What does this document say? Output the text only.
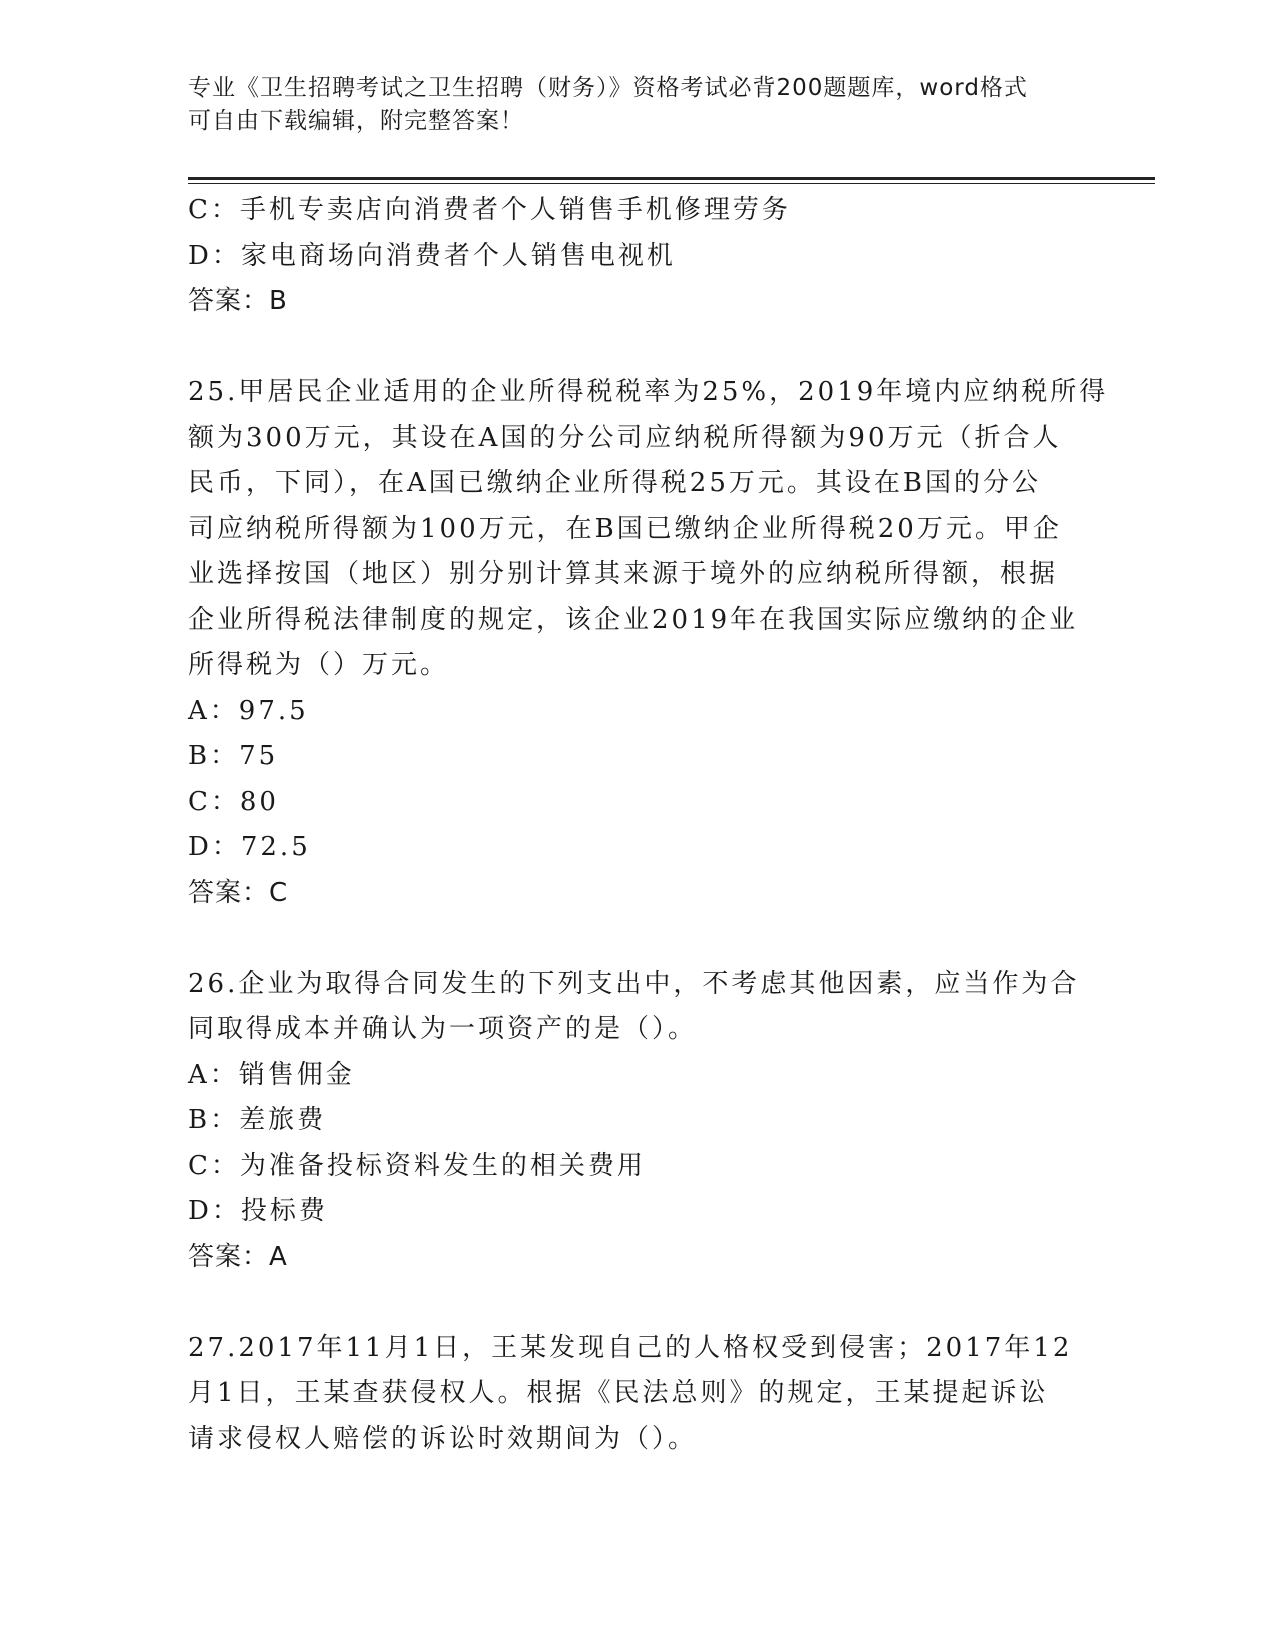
专业《卫生招聘考试之卫生招聘（财务）》资格考试必背200题题库，word格式
可自由下载编辑，附完整答案！
C：手机专卖店向消费者个人销售手机修理劳务
D：家电商场向消费者个人销售电视机
答案：B
25.甲居民企业适用的企业所得税税率为25%，2019年境内应纳税所得
额为300万元，其设在A国的分公司应纳税所得额为90万元（折合人
民币，下同），在A国已缴纳企业所得税25万元。其设在B国的分公
司应纳税所得额为100万元，在B国已缴纳企业所得税20万元。甲企
业选择按国（地区）别分别计算其来源于境外的应纳税所得额，根据
企业所得税法律制度的规定，该企业2019年在我国实际应缴纳的企业
所得税为（）万元。
A：97.5
B：75
C：80
D：72.5
答案：C
26.企业为取得合同发生的下列支出中，不考虑其他因素，应当作为合
同取得成本并确认为一项资产的是（）。
A：销售佣金
B：差旅费
C：为准备投标资料发生的相关费用
D：投标费
答案：A
27.2017年11月1日，王某发现自己的人格权受到侵害；2017年12
月1日，王某查获侵权人。根据《民法总则》的规定，王某提起诉讼
请求侵权人赔偿的诉讼时效期间为（）。
